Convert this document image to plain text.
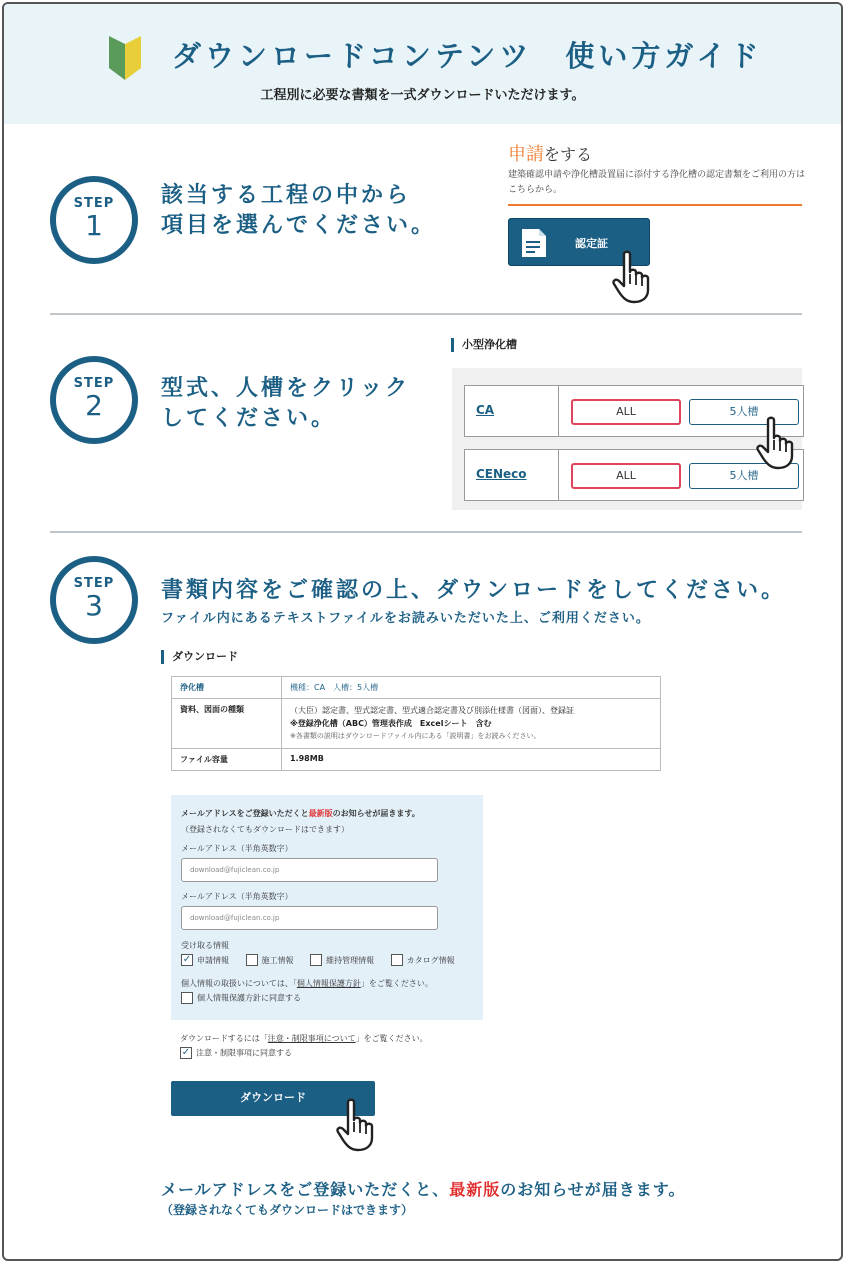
ダウンロードコンテンツ　使い方ガイド
工程別に必要な書類を一式ダウンロードいただけます。
STEP
1
該当する工程の中から
項目を選んでください。
申請をする
建築確認申請や浄化槽設置届に添付する浄化槽の認定書類をご利用の方はこちらから。
認定証
STEP
2
型式、人槽をクリック
してください。
小型浄化槽
CA	ALL	5人槽
CENeco	ALL	5人槽
STEP
3	書類内容をご確認の上、ダウンロードをしてください。
ファイル内にあるテキストファイルをお読みいただいた上、ご利用ください。
ダウンロード
浄化槽	機種：CA　人槽：5人槽
資料、図面の種類	（大臣）認定書、型式認定書、型式適合認定書及び別添仕様書（図面）、登録証
※登録浄化槽（ABC）管理表作成　Excelシート　含む
※各書類の説明はダウンロードファイル内にある「説明書」をお読みください。

ファイル容量	1.98MB
メールアドレスをご登録いただくと最新版のお知らせが届きます。
（登録されなくてもダウンロードはできます）
メールアドレス（半角英数字）
download@fujiclean.co.jp
メールアドレス（半角英数字）
download@fujiclean.co.jp
受け取る情報
✓ 申請情報	施工情報	維持管理情報	カタログ情報
個人情報の取扱いについては、「個人情報保護方針」をご覧ください。
個人情報保護方針に同意する
ダウンロードするには「注意・制限事項について」をご覧ください。
✓ 注意・制限事項に同意する
ダウンロード
メールアドレスをご登録いただくと、最新版のお知らせが届きます。
（登録されなくてもダウンロードはできます）
